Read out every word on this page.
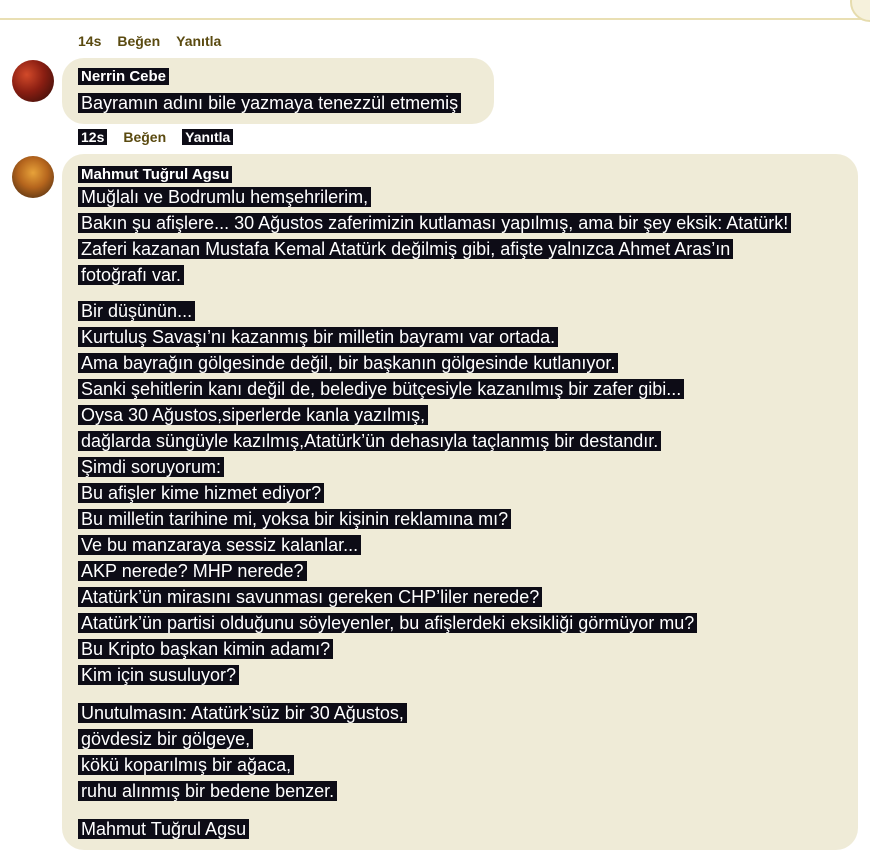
14s Beğen Yanıtla
Nerrin Cebe
Bayramın adını bile yazmaya tenezzül etmemiş
12s Beğen Yanıtla
Mahmut Tuğrul Agsu
Muğlalı ve Bodrumlu hemşehrilerim,
Bakın şu afişlere... 30 Ağustos zaferimizin kutlaması yapılmış, ama bir şey eksik: Atatürk!
Zaferi kazanan Mustafa Kemal Atatürk değilmiş gibi, afişte yalnızca Ahmet Aras’ın
fotoğrafı var.
Bir düşünün...
Kurtuluş Savaşı’nı kazanmış bir milletin bayramı var ortada.
Ama bayrağın gölgesinde değil, bir başkanın gölgesinde kutlanıyor.
Sanki şehitlerin kanı değil de, belediye bütçesiyle kazanılmış bir zafer gibi...
Oysa 30 Ağustos,siperlerde kanla yazılmış,
dağlarda süngüyle kazılmış,Atatürk’ün dehasıyla taçlanmış bir destandır.
Şimdi soruyorum:
Bu afişler kime hizmet ediyor?
Bu milletin tarihine mi, yoksa bir kişinin reklamına mı?
Ve bu manzaraya sessiz kalanlar...
AKP nerede? MHP nerede?
Atatürk’ün mirasını savunması gereken CHP’liler nerede?
Atatürk’ün partisi olduğunu söyleyenler, bu afişlerdeki eksikliği görmüyor mu?
Bu Kripto başkan kimin adamı?
Kim için susuluyor?
Unutulmasın: Atatürk’süz bir 30 Ağustos,
gövdesiz bir gölgeye,
kökü koparılmış bir ağaca,
ruhu alınmış bir bedene benzer.
Mahmut Tuğrul Agsu
